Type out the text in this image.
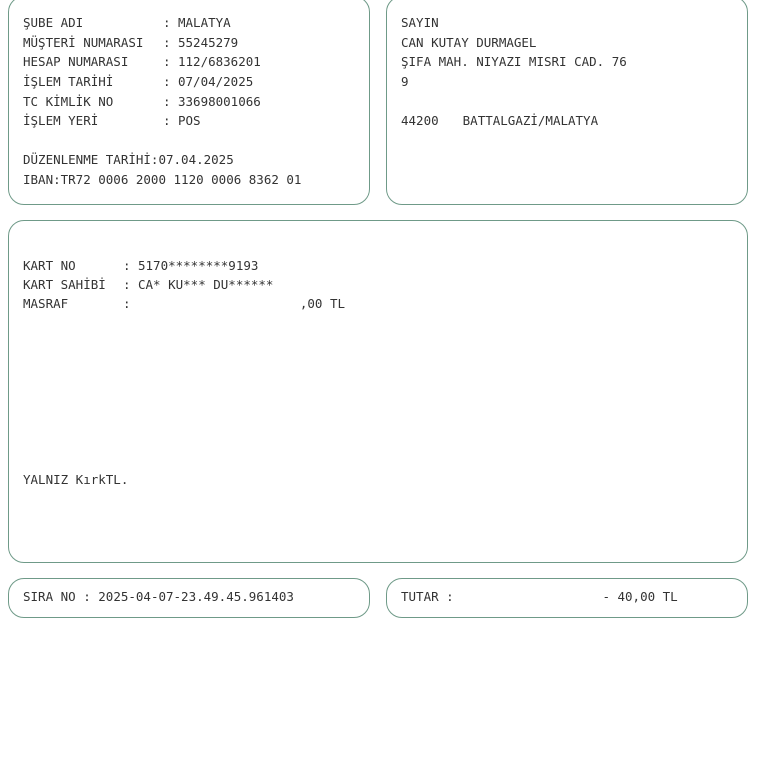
ŞUBE ADI	: MALATYA
MÜŞTERİ NUMARASI : 55245279
HESAP NUMARASI	: 112/6836201
İŞLEM TARİHİ	: 07/04/2025
TC KİMLİK NO	: 33698001066
İŞLEM YERİ	: POS
DÜZENLENME TARİHİ:07.04.2025
IBAN:TR72 0006 2000 1120 0006 8362 01
SAYIN
CAN KUTAY DURMAGEL
ŞIFA MAH. NIYAZI MISRI CAD. 76
9
44200 BATTALGAZİ/MALATYA
KART NO	: 5170********9193
KART SAHİBİ : CA* KU*** DU******
MASRAF	:	,00 TL
YALNIZ KırkTL.
SIRA NO : 2025-04-07-23.49.45.961403	TUTAR :	- 40,00 TL
